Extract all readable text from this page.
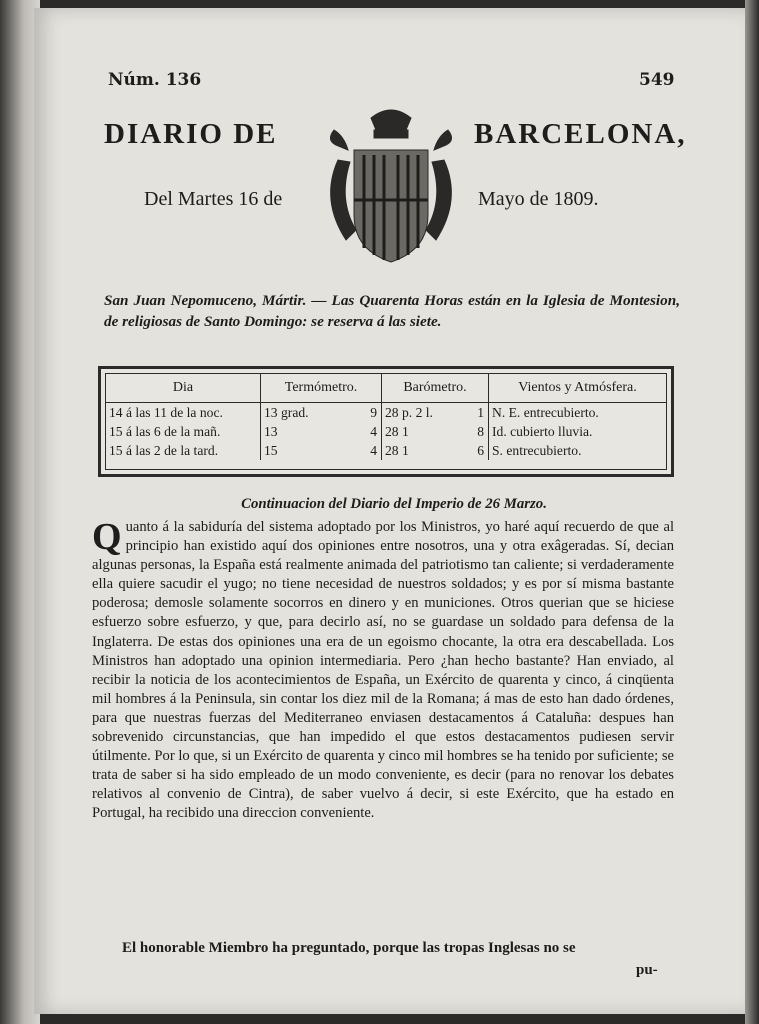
Núm. 136	549
DIARIO DE	BARCELONA,
Del Martes 16 de	Mayo de 1809.
San Juan Nepomuceno, Mártir. — Las Quarenta Horas están en la Iglesia de Montesion, de religiosas de Santo Domingo: se reserva á las siete.
Dia	Termómetro.	Barómetro.	Vientos y Atmósfera.
14 á las 11 de la noc.	13 grad. 9	28 p. 2 l. 1	N. E. entrecubierto.
15 á las 6 de la mañ.	13 4	28 1 8	Id. cubierto lluvia.
15 á las 2 de la tard.	15 4	28 1 6	S. entrecubierto.
Continuacion del Diario del Imperio de 26 Marzo.
Quanto á la sabiduría del sistema adoptado por los Ministros, yo haré aquí recuerdo de que al principio han existido aquí dos opiniones entre nosotros, una y otra exâgeradas. Sí, decian algunas personas, la España está realmente animada del patriotismo tan caliente; si verdaderamente ella quiere sacudir el yugo; no tiene necesidad de nuestros soldados; y es por sí misma bastante poderosa; demosle solamente socorros en dinero y en municiones. Otros querian que se hiciese esfuerzo sobre esfuerzo, y que, para decirlo así, no se guardase un soldado para defensa de la Inglaterra. De estas dos opiniones una era de un egoismo chocante, la otra era descabellada. Los Ministros han adoptado una opinion intermediaria. Pero ¿han hecho bastante? Han enviado, al recibir la noticia de los acontecimientos de España, un Exército de quarenta y cinco, á cinqüenta mil hombres á la Peninsula, sin contar los diez mil de la Romana; á mas de esto han dado órdenes, para que nuestras fuerzas del Mediterraneo enviasen destacamentos á Cataluña: despues han sobrevenido circunstancias, que han impedido el que estos destacamentos pudiesen servir útilmente. Por lo que, si un Exército de quarenta y cinco mil hombres se ha tenido por suficiente; se trata de saber si ha sido empleado de un modo conveniente, es decir (para no renovar los debates relativos al convenio de Cintra), de saber vuelvo á decir, si este Exército, que ha estado en Portugal, ha recibido una direccion conveniente.
El honorable Miembro ha preguntado, porque las tropas Inglesas no se
pu-
